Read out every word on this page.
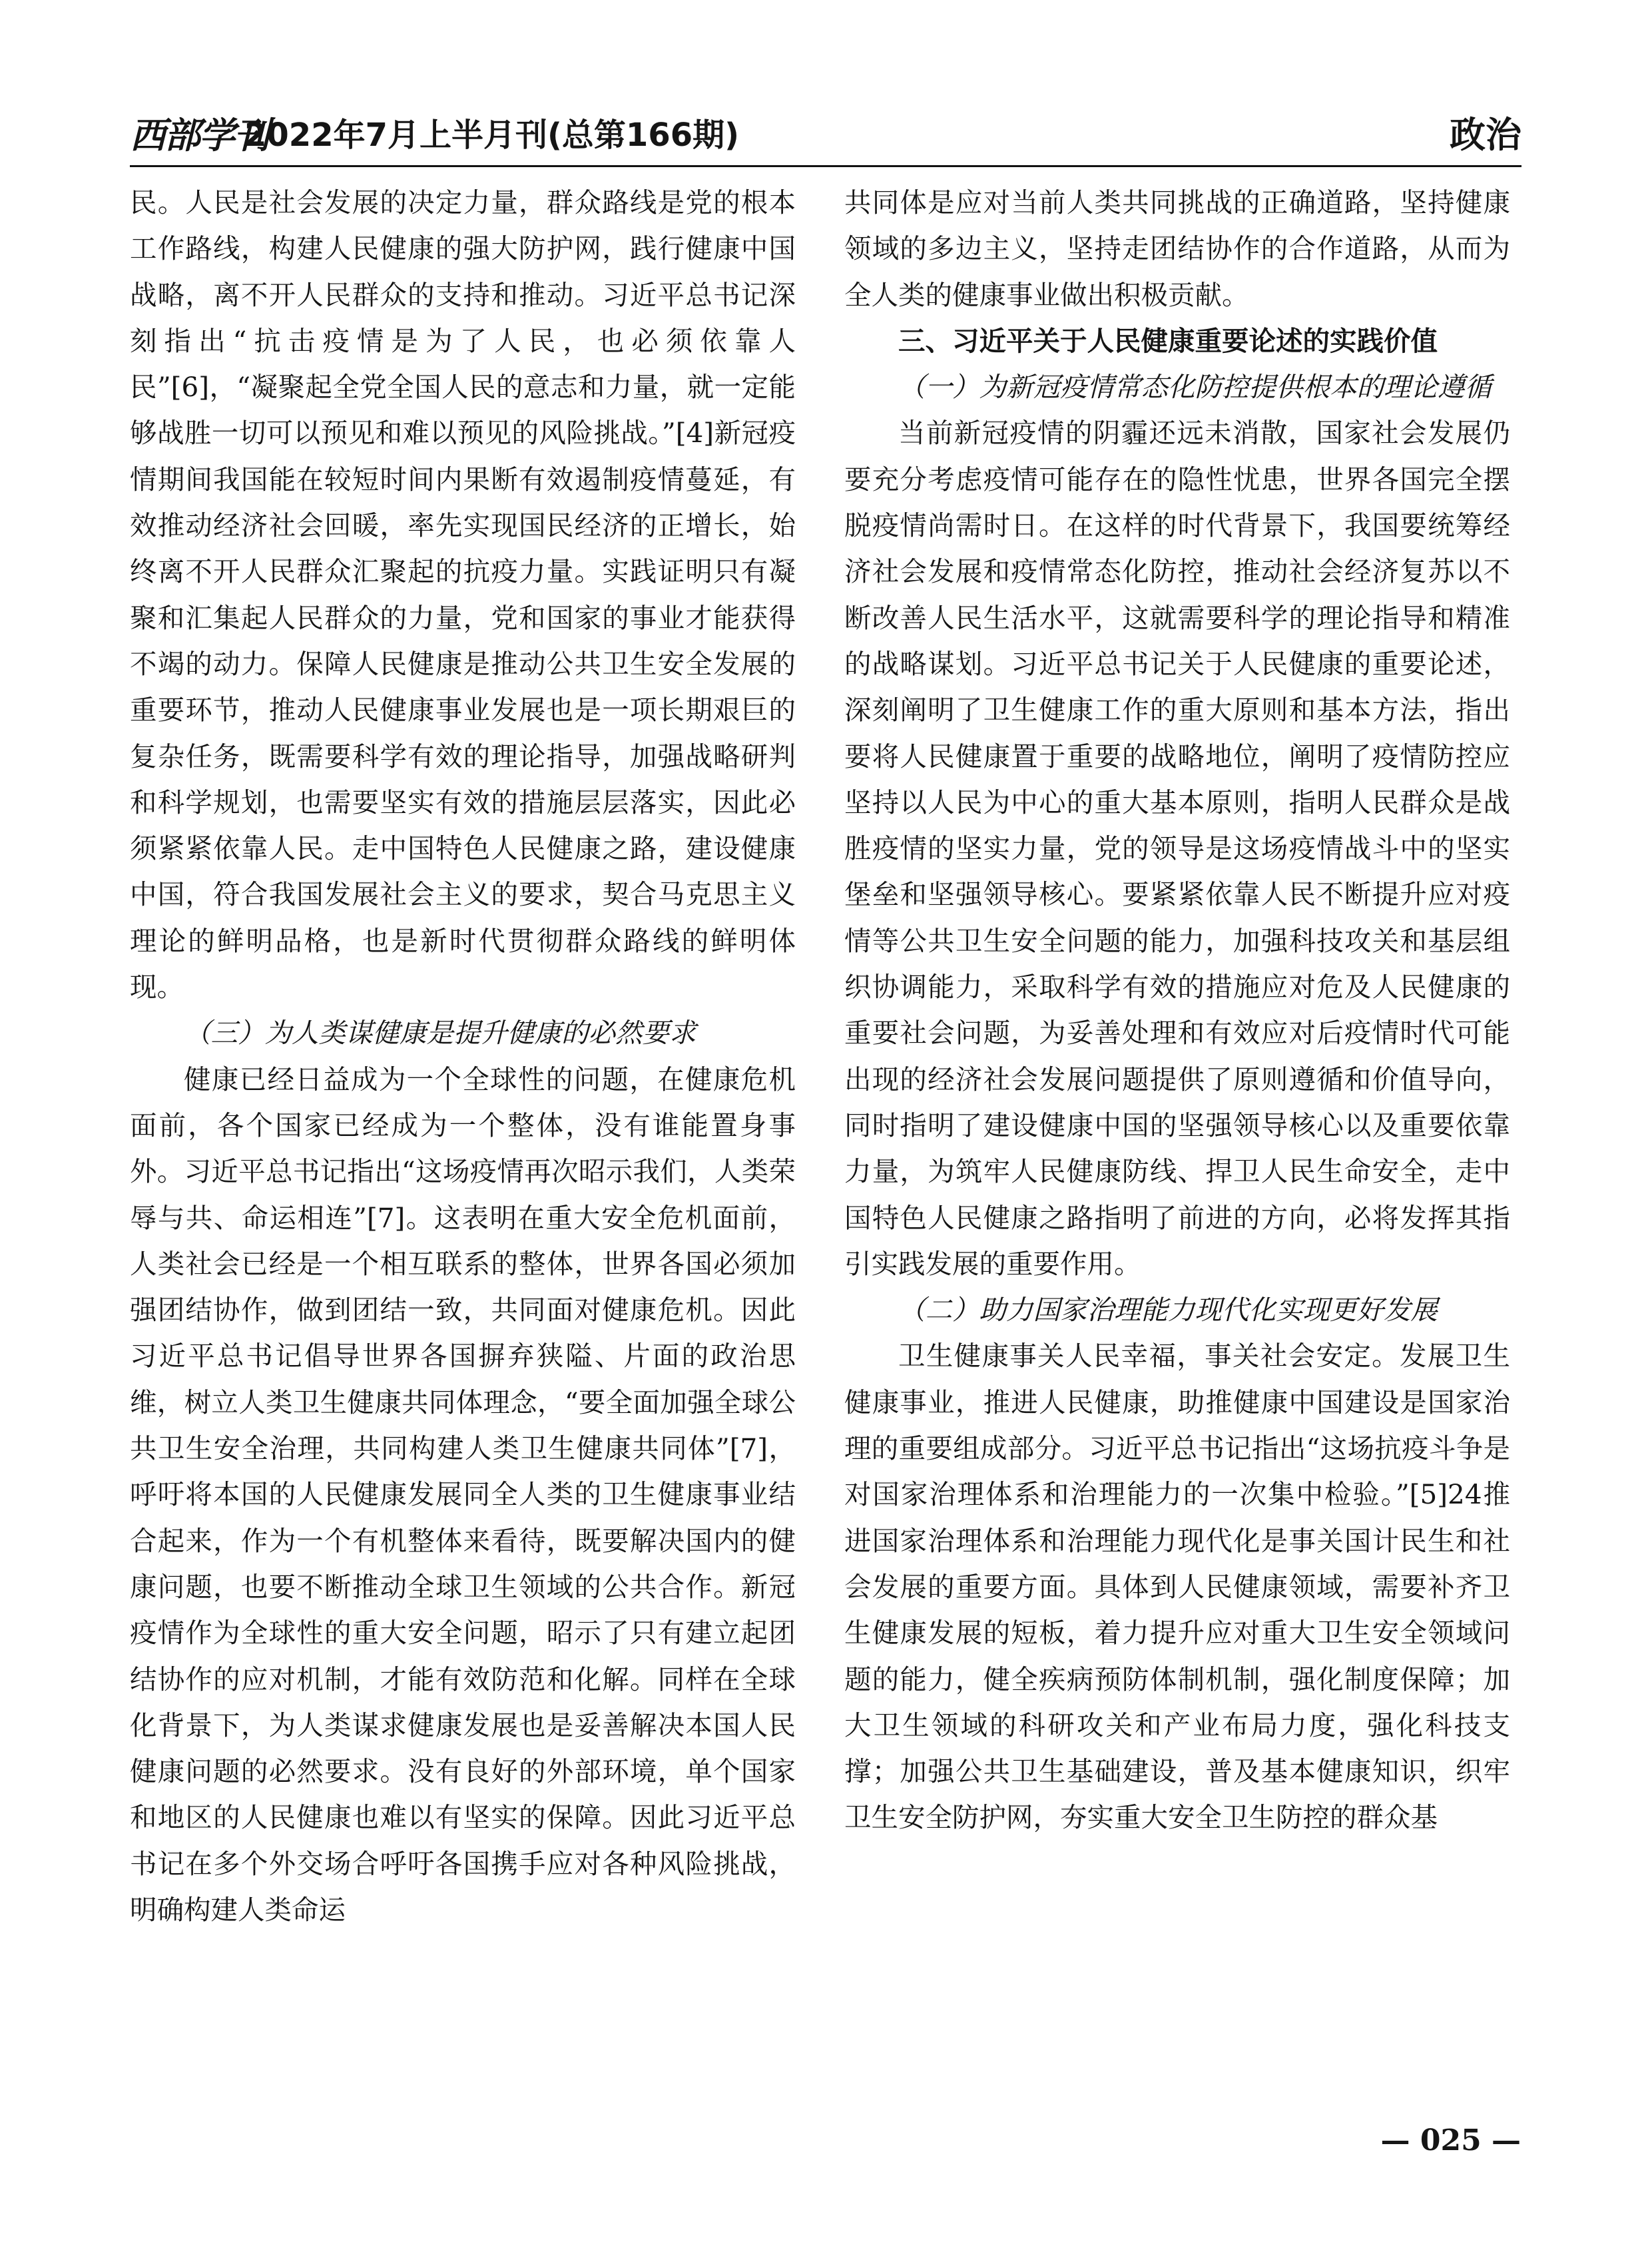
西部学刊
2022年7月上半月刊(总第166期)	政治

民。人民是社会发展的决定力量，群众路线是党的根本工作路线，构建人民健康的强大防护网，践行健康中国战略，离不开人民群众的支持和推动。习近平总书记深刻指出“抗击疫情是为了人民，也必须依靠人民”[6]，“凝聚起全党全国人民的意志和力量，就一定能够战胜一切可以预见和难以预见的风险挑战。”[4]新冠疫情期间我国能在较短时间内果断有效遏制疫情蔓延，有效推动经济社会回暖，率先实现国民经济的正增长，始终离不开人民群众汇聚起的抗疫力量。实践证明只有凝聚和汇集起人民群众的力量，党和国家的事业才能获得不竭的动力。保障人民健康是推动公共卫生安全发展的重要环节，推动人民健康事业发展也是一项长期艰巨的复杂任务，既需要科学有效的理论指导，加强战略研判和科学规划，也需要坚实有效的措施层层落实，因此必须紧紧依靠人民。走中国特色人民健康之路，建设健康中国，符合我国发展社会主义的要求，契合马克思主义理论的鲜明品格，也是新时代贯彻群众路线的鲜明体现。

（三）为人类谋健康是提升健康的必然要求

健康已经日益成为一个全球性的问题，在健康危机面前，各个国家已经成为一个整体，没有谁能置身事外。习近平总书记指出“这场疫情再次昭示我们，人类荣辱与共、命运相连”[7]。这表明在重大安全危机面前，人类社会已经是一个相互联系的整体，世界各国必须加强团结协作，做到团结一致，共同面对健康危机。因此习近平总书记倡导世界各国摒弃狭隘、片面的政治思维，树立人类卫生健康共同体理念，“要全面加强全球公共卫生安全治理，共同构建人类卫生健康共同体”[7]，呼吁将本国的人民健康发展同全人类的卫生健康事业结合起来，作为一个有机整体来看待，既要解决国内的健康问题，也要不断推动全球卫生领域的公共合作。新冠疫情作为全球性的重大安全问题，昭示了只有建立起团结协作的应对机制，才能有效防范和化解。同样在全球化背景下，为人类谋求健康发展也是妥善解决本国人民健康问题的必然要求。没有良好的外部环境，单个国家和地区的人民健康也难以有坚实的保障。因此习近平总书记在多个外交场合呼吁各国携手应对各种风险挑战，明确构建人类命运

共同体是应对当前人类共同挑战的正确道路，坚持健康领域的多边主义，坚持走团结协作的合作道路，从而为全人类的健康事业做出积极贡献。

三、习近平关于人民健康重要论述的实践价值

（一）为新冠疫情常态化防控提供根本的理论遵循

当前新冠疫情的阴霾还远未消散，国家社会发展仍要充分考虑疫情可能存在的隐性忧患，世界各国完全摆脱疫情尚需时日。在这样的时代背景下，我国要统筹经济社会发展和疫情常态化防控，推动社会经济复苏以不断改善人民生活水平，这就需要科学的理论指导和精准的战略谋划。习近平总书记关于人民健康的重要论述，深刻阐明了卫生健康工作的重大原则和基本方法，指出要将人民健康置于重要的战略地位，阐明了疫情防控应坚持以人民为中心的重大基本原则，指明人民群众是战胜疫情的坚实力量，党的领导是这场疫情战斗中的坚实堡垒和坚强领导核心。要紧紧依靠人民不断提升应对疫情等公共卫生安全问题的能力，加强科技攻关和基层组织协调能力，采取科学有效的措施应对危及人民健康的重要社会问题，为妥善处理和有效应对后疫情时代可能出现的经济社会发展问题提供了原则遵循和价值导向，同时指明了建设健康中国的坚强领导核心以及重要依靠力量，为筑牢人民健康防线、捍卫人民生命安全，走中国特色人民健康之路指明了前进的方向，必将发挥其指引实践发展的重要作用。

（二）助力国家治理能力现代化实现更好发展

卫生健康事关人民幸福，事关社会安定。发展卫生健康事业，推进人民健康，助推健康中国建设是国家治理的重要组成部分。习近平总书记指出“这场抗疫斗争是对国家治理体系和治理能力的一次集中检验。”[5]24推进国家治理体系和治理能力现代化是事关国计民生和社会发展的重要方面。具体到人民健康领域，需要补齐卫生健康发展的短板，着力提升应对重大卫生安全领域问题的能力，健全疾病预防体制机制，强化制度保障；加大卫生领域的科研攻关和产业布局力度，强化科技支撑；加强公共卫生基础建设，普及基本健康知识，织牢卫生安全防护网，夯实重大安全卫生防控的群众基

— 025 —
